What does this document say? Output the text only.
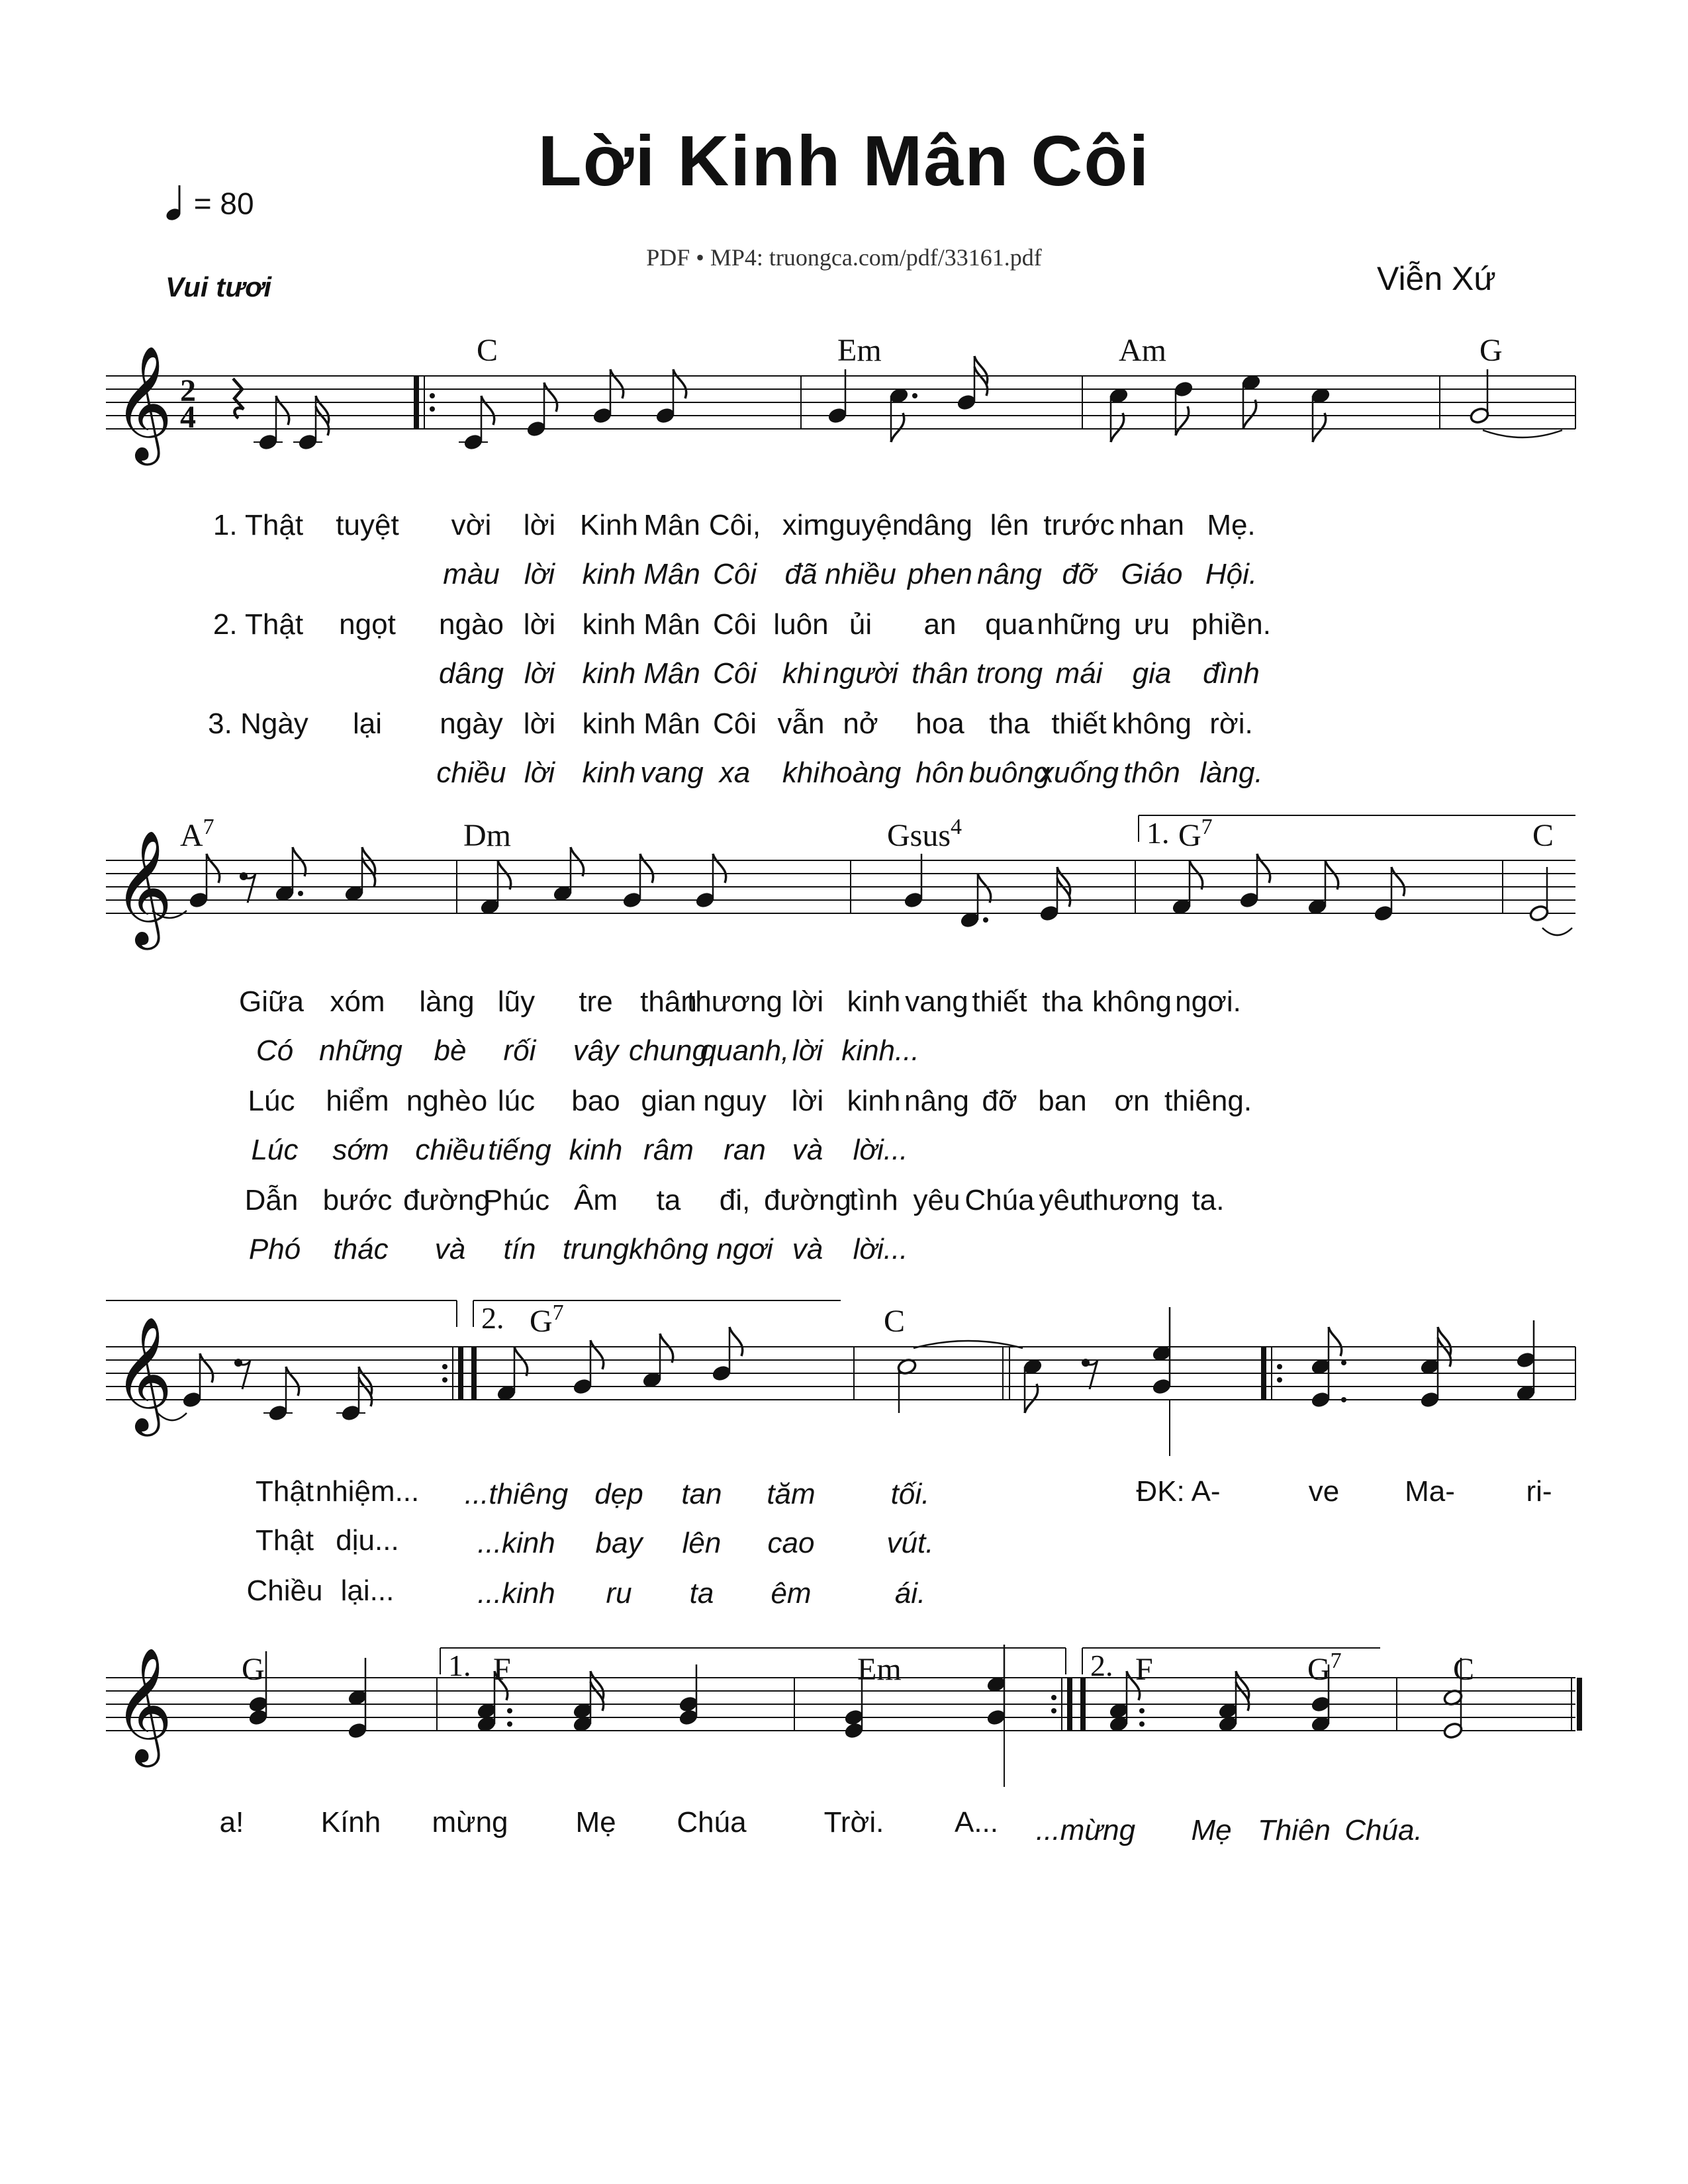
Lời Kinh Mân Côi
= 80
PDF • MP4: truongca.com/pdf/33161.pdf
Vui tươi	Viễn Xứ
𝄞 2
4
C	Em	Am	G
1. Thật tuyệt vời lời Kinh Mân Côi, xin
nguyện
dâng lên trước nhan Mẹ.
màu lời kinh Mân Côi đã nhiều phen nâng đỡ Giáo Hội.
2. Thật ngọt ngào lời kinh Mân Côi luôn ủi an qua những ưu phiền.
dâng lời kinh Mân Côi khi người thân trong mái gia đình
3. Ngày lại ngày lời kinh Mân Côi vẫn nở hoa tha thiết không rời.
chiều lời kinh vang xa khi hoàng hôn buông
xuống thôn làng.
𝄞	1.
$A^7$	Dm	Gsus$^4$	$G^7$	C
Giữa xóm làng lũy tre thân
thương lời kinh vang thiết tha không ngơi.
Có những bè rối vây chung
quanh, lời kinh...
Lúc hiểm nghèo lúc bao gian nguy lời kinh nâng đỡ ban ơn thiêng.
Lúc sớm chiều tiếng kinh râm ran và lời...
Dẫn bước đường
Phúc Âm ta đi, đường
tình yêu Chúa yêu
thương ta.
Phó thác và tín trung không ngơi và lời...
𝄞	2. $G^7$	C
Thật nhiệm...
Thật dịu...
Chiều lại...
...thiêng dẹp tan tăm	tối.
...kinh bay lên cao vút.
...kinh ru ta êm	ái.
ĐK: A-	ve Ma- ri-
𝄞	1.	2.
G	Em	$G^7$	C
F	F
a!	Kính mừng Mẹ Chúa	Trời. A... ...mừng Mẹ Thiên Chúa.
